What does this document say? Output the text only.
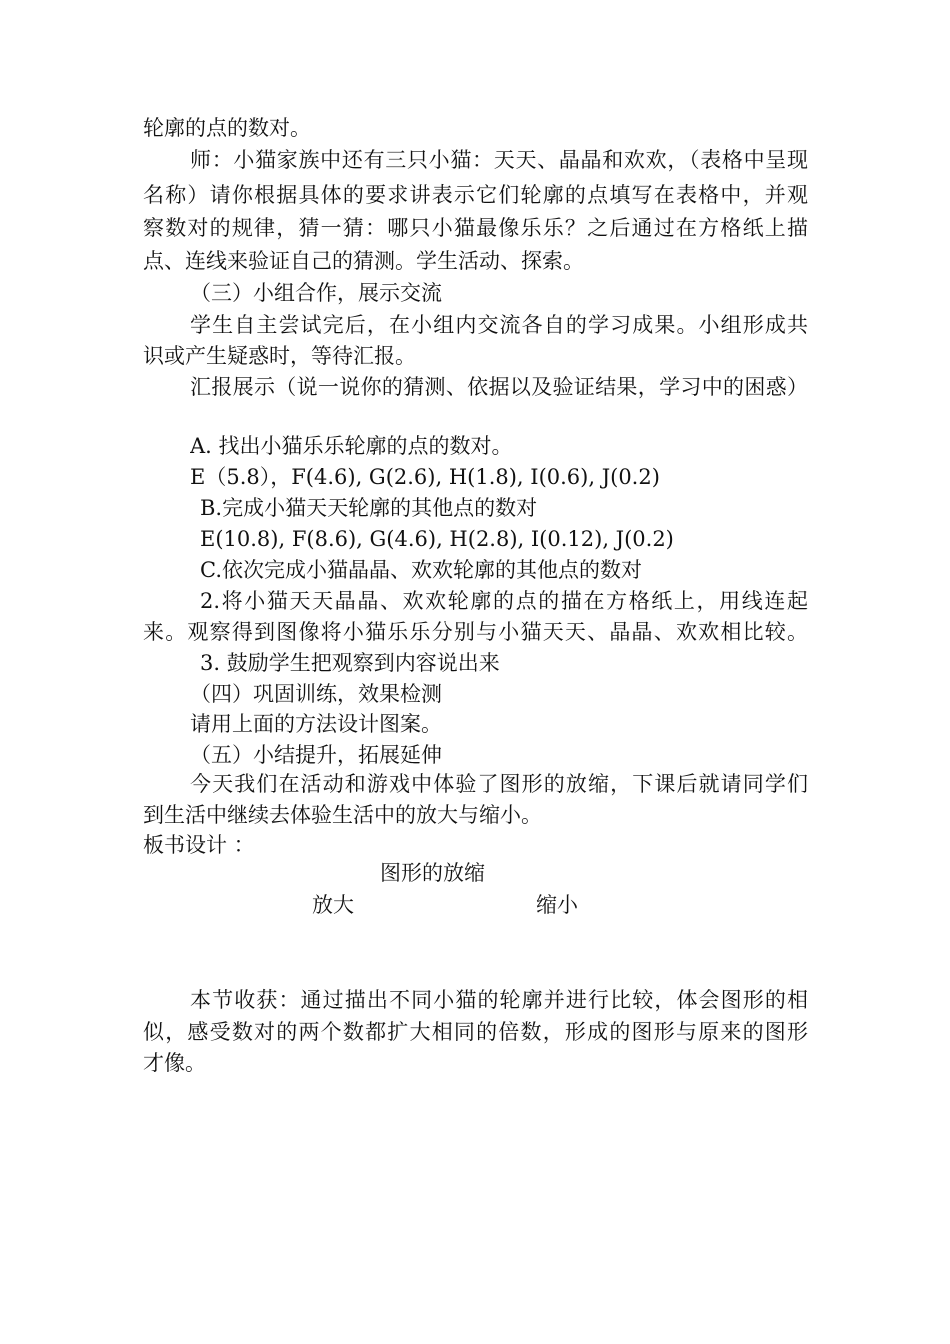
轮廓的点的数对。
师：小猫家族中还有三只小猫：天天、晶晶和欢欢，（表格中呈现
名称）请你根据具体的要求讲表示它们轮廓的点填写在表格中，并观
察数对的规律，猜一猜：哪只小猫最像乐乐？之后通过在方格纸上描
点、连线来验证自己的猜测。学生活动、探索。
（三）小组合作，展示交流
学生自主尝试完后，在小组内交流各自的学习成果。小组形成共
识或产生疑惑时，等待汇报。
汇报展示（说一说你的猜测、依据以及验证结果，学习中的困惑）
A. 找出小猫乐乐轮廓的点的数对。
E（5.8），F(4.6), G(2.6), H(1.8), I(0.6), J(0.2)
B.完成小猫天天轮廓的其他点的数对
E(10.8), F(8.6), G(4.6), H(2.8), I(0.12), J(0.2)
C.依次完成小猫晶晶、欢欢轮廓的其他点的数对
2.将小猫天天晶晶、欢欢轮廓的点的描在方格纸上，用线连起
来。观察得到图像将小猫乐乐分别与小猫天天、晶晶、欢欢相比较。
3. 鼓励学生把观察到内容说出来
（四）巩固训练，效果检测
请用上面的方法设计图案。
（五）小结提升，拓展延伸
今天我们在活动和游戏中体验了图形的放缩，下课后就请同学们
到生活中继续去体验生活中的放大与缩小。
板书设计 ：
图形的放缩
放大	缩小
本节收获：通过描出不同小猫的轮廓并进行比较，体会图形的相
似，感受数对的两个数都扩大相同的倍数，形成的图形与原来的图形
才像。
